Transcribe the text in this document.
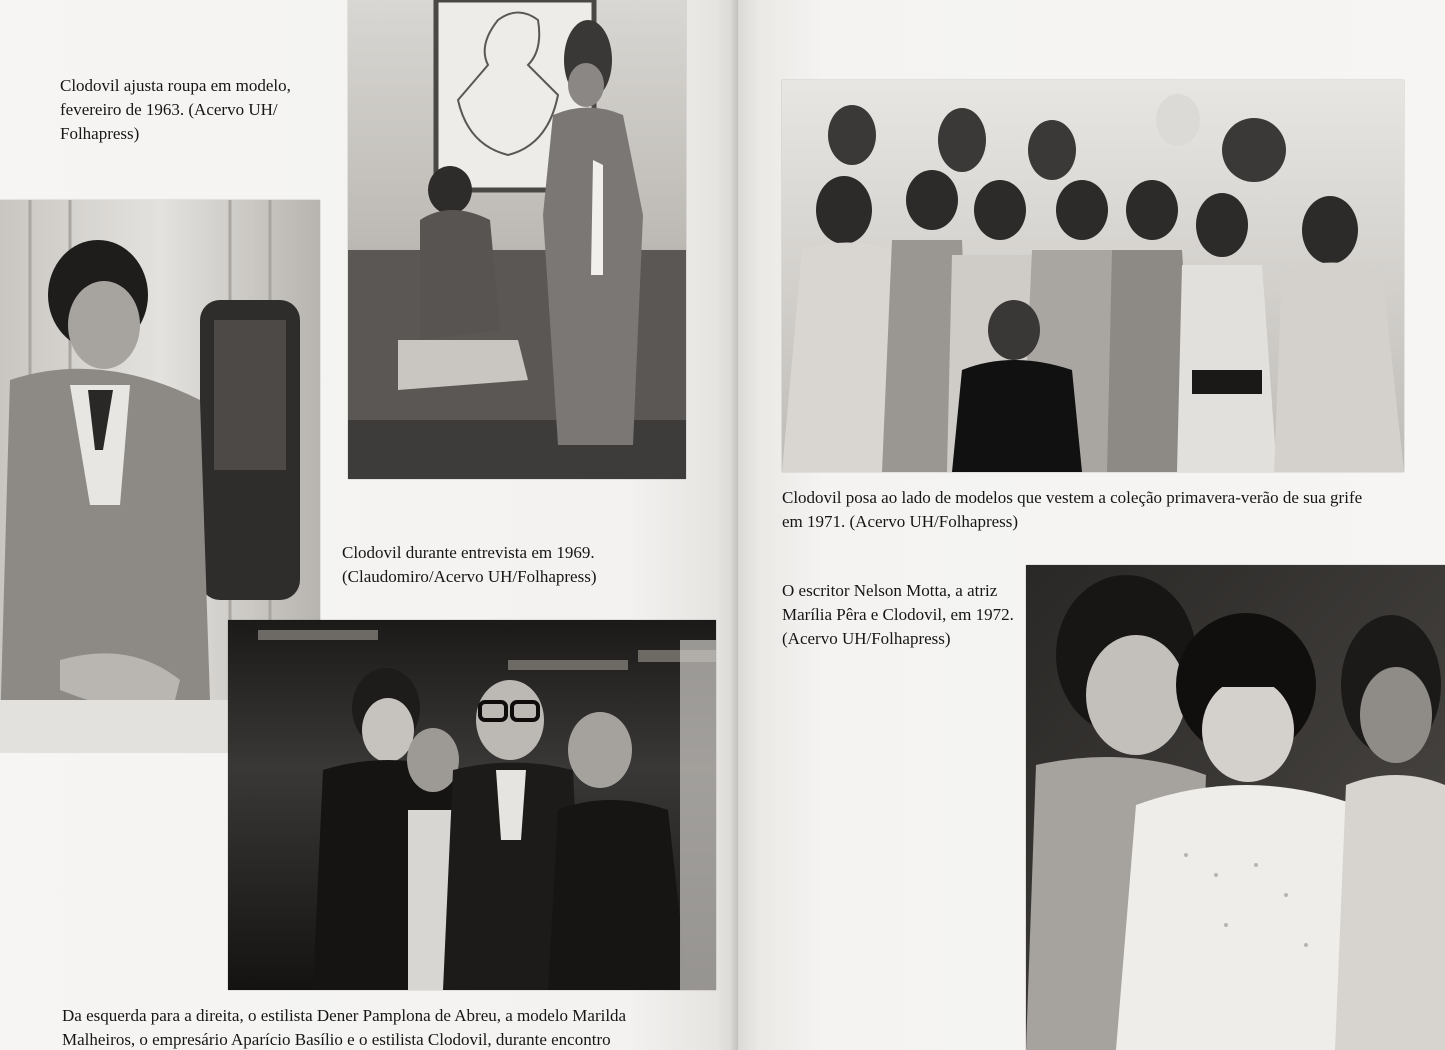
Clodovil ajusta roupa em modelo,
fevereiro de 1963. (Acervo UH/
Folhapress)

Clodovil durante entrevista em 1969.
(Claudomiro/Acervo UH/Folhapress)

Da esquerda para a direita, o estilista Dener Pamplona de Abreu, a modelo Marilda
Malheiros, o empresário Aparício Basílio e o estilista Clodovil, durante encontro

Clodovil posa ao lado de modelos que vestem a coleção primavera-verão de sua grife
em 1971. (Acervo UH/Folhapress)

O escritor Nelson Motta, a atriz
Marília Pêra e Clodovil, em 1972.
(Acervo UH/Folhapress)
